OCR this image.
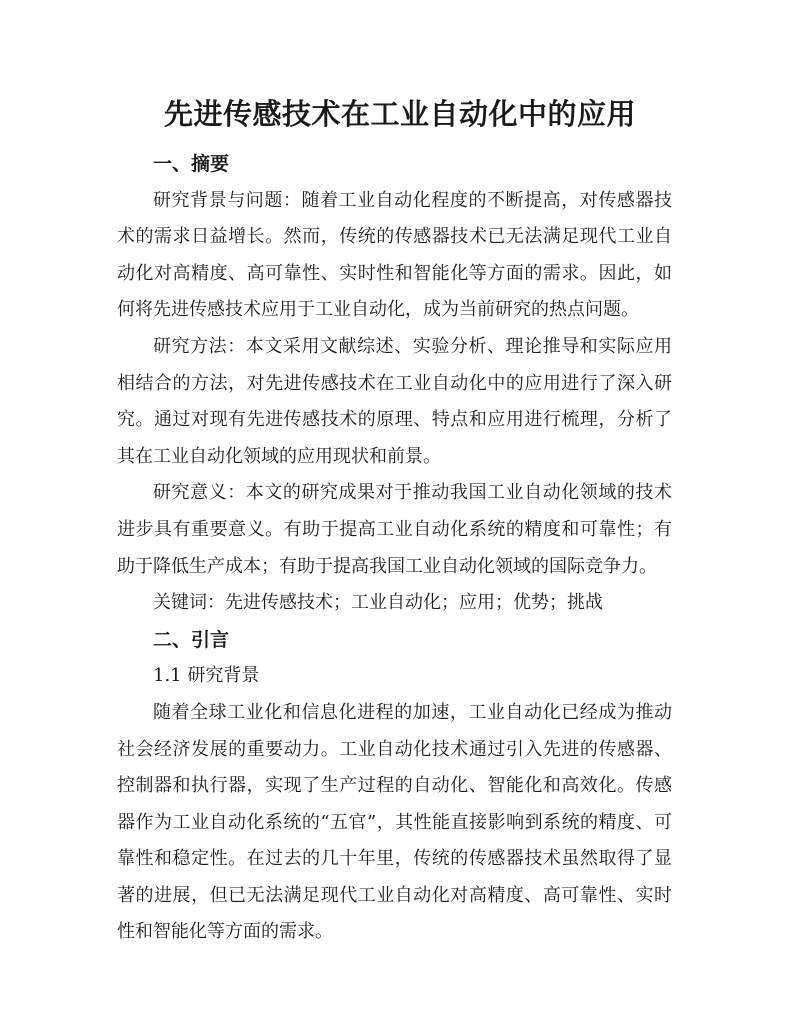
先进传感技术在工业自动化中的应用

一、摘要

研究背景与问题：随着工业自动化程度的不断提高，对传感器技术的需求日益增长。然而，传统的传感器技术已无法满足现代工业自动化对高精度、高可靠性、实时性和智能化等方面的需求。因此，如何将先进传感技术应用于工业自动化，成为当前研究的热点问题。

研究方法：本文采用文献综述、实验分析、理论推导和实际应用相结合的方法，对先进传感技术在工业自动化中的应用进行了深入研究。通过对现有先进传感技术的原理、特点和应用进行梳理，分析了其在工业自动化领域的应用现状和前景。

研究意义：本文的研究成果对于推动我国工业自动化领域的技术进步具有重要意义。有助于提高工业自动化系统的精度和可靠性；有助于降低生产成本；有助于提高我国工业自动化领域的国际竞争力。

关键词：先进传感技术；工业自动化；应用；优势；挑战

二、引言

1.1 研究背景

随着全球工业化和信息化进程的加速，工业自动化已经成为推动社会经济发展的重要动力。工业自动化技术通过引入先进的传感器、控制器和执行器，实现了生产过程的自动化、智能化和高效化。传感器作为工业自动化系统的“五官”，其性能直接影响到系统的精度、可靠性和稳定性。在过去的几十年里，传统的传感器技术虽然取得了显著的进展，但已无法满足现代工业自动化对高精度、高可靠性、实时性和智能化等方面的需求。
